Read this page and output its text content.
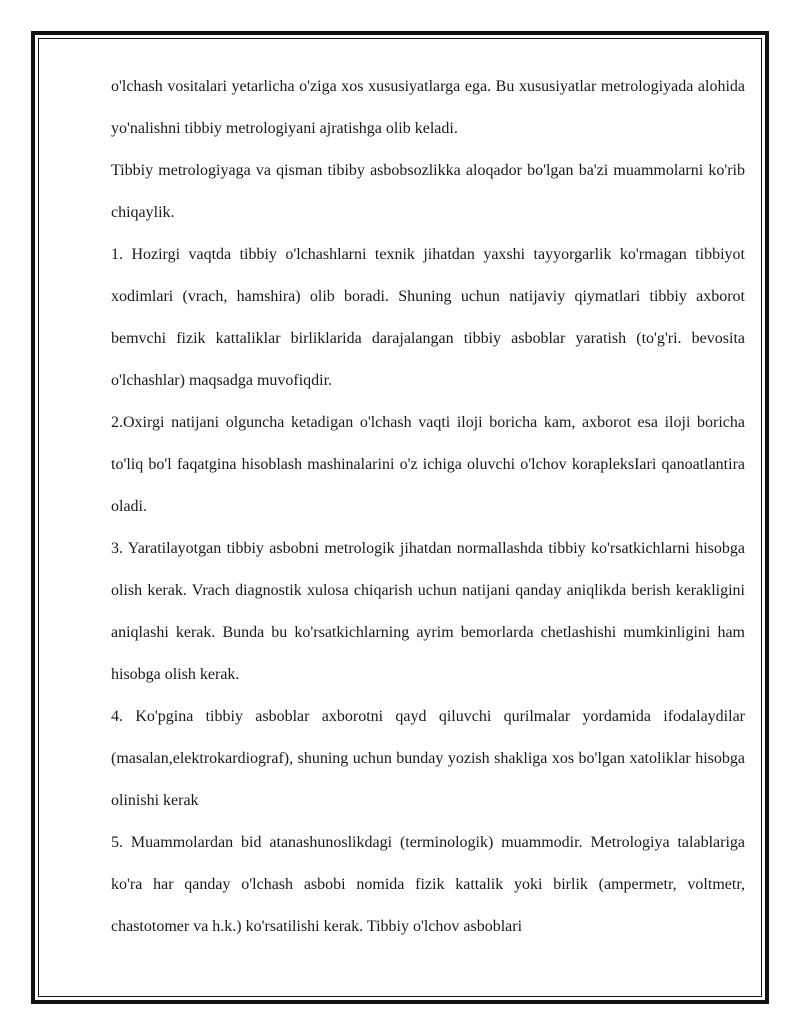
o'lchash vositalari yetarlicha o'ziga xos xususiyatlarga ega. Bu xususiyatlar metrologiyada alohida yo'nalishni tibbiy metrologiyani ajratishga olib keladi.

Tibbiy metrologiyaga va qisman tibiby asbobsozlikka aloqador bo'lgan ba'zi muammolarni ko'rib chiqaylik.

1. Hozirgi vaqtda tibbiy o'lchashlarni texnik jihatdan yaxshi tayyorgarlik ko'rmagan tibbiyot xodimlari (vrach, hamshira) olib boradi. Shuning uchun natijaviy qiymatlari tibbiy axborot bemvchi fizik kattaliklar birliklarida darajalangan tibbiy asboblar yaratish (to'g'ri. bevosita o'lchashlar) maqsadga muvofiqdir.

2.Oxirgi natijani olguncha ketadigan o'lchash vaqti iloji boricha kam, axborot esa iloji boricha to'liq bo'l faqatgina hisoblash mashinalarini o'z ichiga oluvchi o'lchov korapleksIari qanoatlantira oladi.

3. Yaratilayotgan tibbiy asbobni metrologik jihatdan normallashda tibbiy ko'rsatkichlarni hisobga olish kerak. Vrach diagnostik xulosa chiqarish uchun natijani qanday aniqlikda berish kerakligini aniqlashi kerak. Bunda bu ko'rsatkichlarning ayrim bemorlarda chetlashishi mumkinligini ham hisobga olish kerak.

4. Ko'pgina tibbiy asboblar axborotni qayd qiluvchi qurilmalar yordamida ifodalaydilar (masalan,elektrokardiograf), shuning uchun bunday yozish shakliga xos bo'lgan xatoliklar hisobga olinishi kerak

5. Muammolardan bid atanashunoslikdagi (terminologik) muammodir. Metrologiya talablariga ko'ra har qanday o'lchash asbobi nomida fizik kattalik yoki birlik (ampermetr, voltmetr, chastotomer va h.k.) ko'rsatilishi kerak. Tibbiy o'lchov asboblari
